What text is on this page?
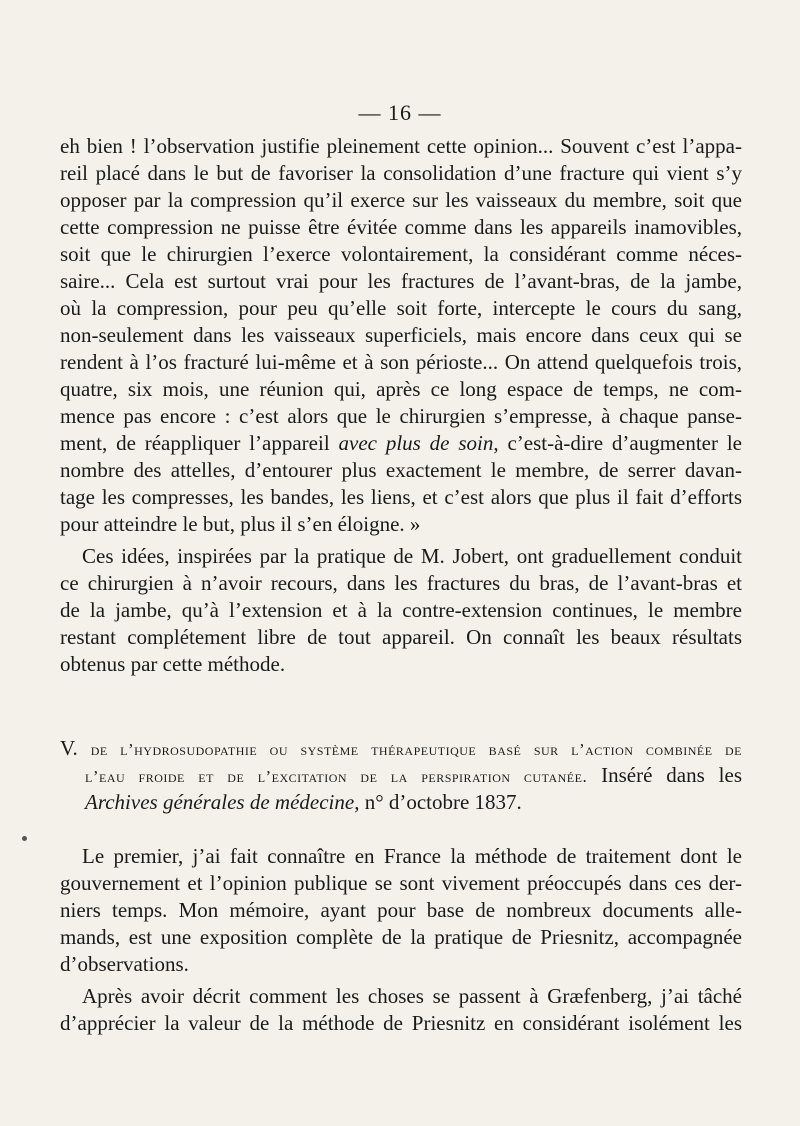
— 16 —
eh bien ! l’observation justifie pleinement cette opinion... Souvent c’est l’appa-
reil placé dans le but de favoriser la consolidation d’une fracture qui vient s’y
opposer par la compression qu’il exerce sur les vaisseaux du membre, soit que
cette compression ne puisse être évitée comme dans les appareils inamovibles,
soit que le chirurgien l’exerce volontairement, la considérant comme néces-
saire... Cela est surtout vrai pour les fractures de l’avant-bras, de la jambe,
où la compression, pour peu qu’elle soit forte, intercepte le cours du sang,
non-seulement dans les vaisseaux superficiels, mais encore dans ceux qui se
rendent à l’os fracturé lui-même et à son périoste... On attend quelquefois trois,
quatre, six mois, une réunion qui, après ce long espace de temps, ne com-
mence pas encore : c’est alors que le chirurgien s’empresse, à chaque panse-
ment, de réappliquer l’appareil avec plus de soin, c’est-à-dire d’augmenter le
nombre des attelles, d’entourer plus exactement le membre, de serrer davan-
tage les compresses, les bandes, les liens, et c’est alors que plus il fait d’efforts
pour atteindre le but, plus il s’en éloigne. »
Ces idées, inspirées par la pratique de M. Jobert, ont graduellement conduit
ce chirurgien à n’avoir recours, dans les fractures du bras, de l’avant-bras et
de la jambe, qu’à l’extension et à la contre-extension continues, le membre
restant complétement libre de tout appareil. On connaît les beaux résultats
obtenus par cette méthode.
V. de l’hydrosudopathie ou système thérapeutique basé sur l’action combinée de
l’eau froide et de l’excitation de la perspiration cutanée. Inséré dans les
Archives générales de médecine, n° d’octobre 1837.
Le premier, j’ai fait connaître en France la méthode de traitement dont le
gouvernement et l’opinion publique se sont vivement préoccupés dans ces der-
niers temps. Mon mémoire, ayant pour base de nombreux documents alle-
mands, est une exposition complète de la pratique de Priesnitz, accompagnée
d’observations.
Après avoir décrit comment les choses se passent à Græfenberg, j’ai tâché
d’apprécier la valeur de la méthode de Priesnitz en considérant isolément les
